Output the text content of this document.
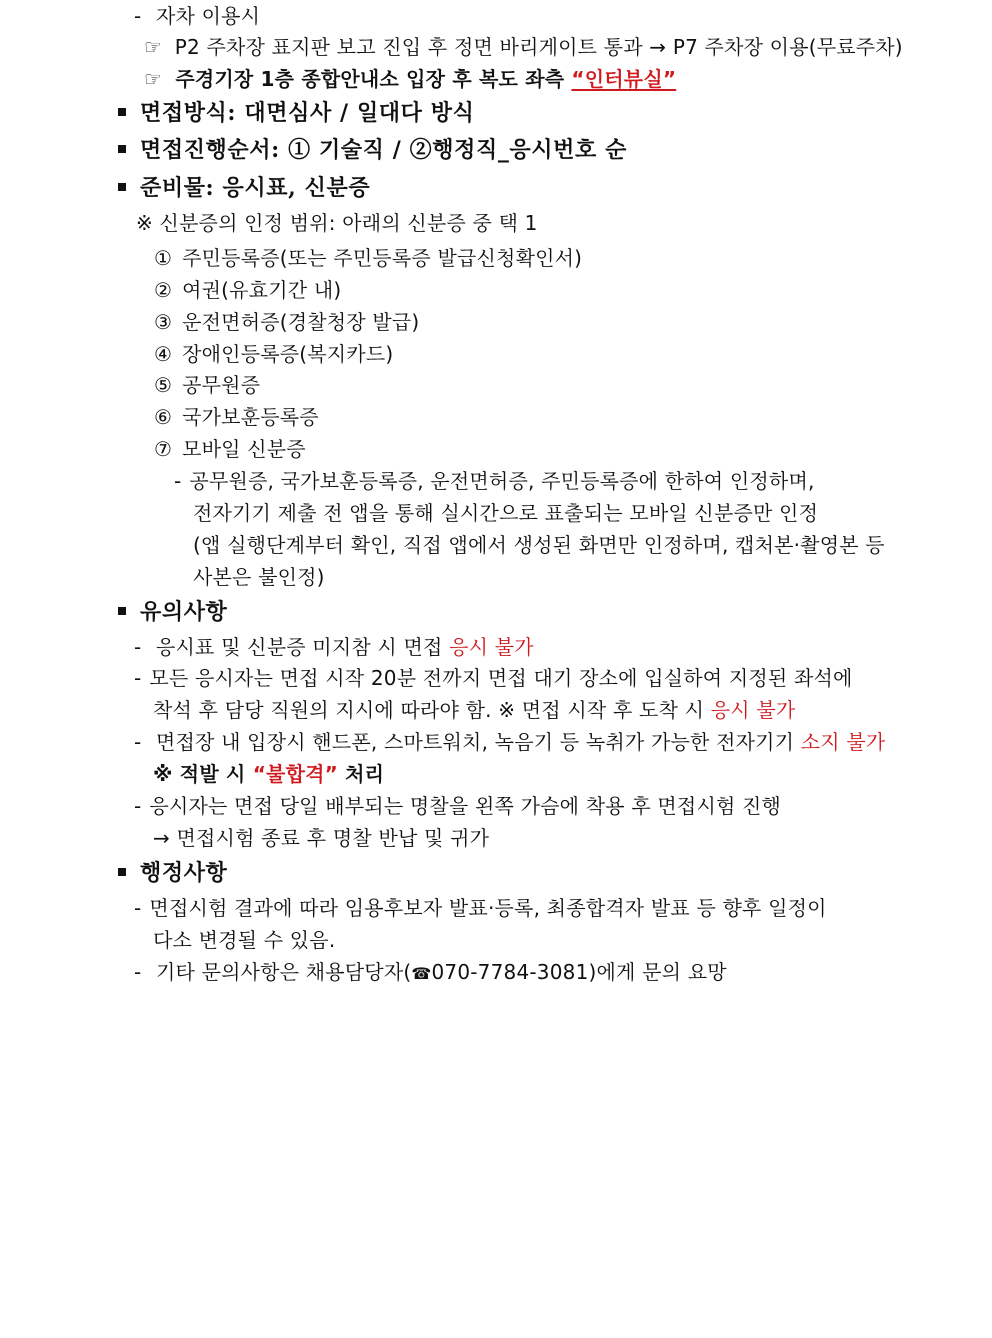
- 자차 이용시
☞ P2 주차장 표지판 보고 진입 후 정면 바리게이트 통과 → P7 주차장 이용(무료주차)
☞ 주경기장 1층 종합안내소 입장 후 복도 좌측 “인터뷰실”
면접방식: 대면심사 / 일대다 방식
면접진행순서: ① 기술직 / ②행정직_응시번호 순
준비물: 응시표, 신분증
※ 신분증의 인정 범위: 아래의 신분증 중 택 1
① 주민등록증(또는 주민등록증 발급신청확인서)
② 여권(유효기간 내)
③ 운전면허증(경찰청장 발급)
④ 장애인등록증(복지카드)
⑤ 공무원증
⑥ 국가보훈등록증
⑦ 모바일 신분증
- 공무원증, 국가보훈등록증, 운전면허증, 주민등록증에 한하여 인정하며,
전자기기 제출 전 앱을 통해 실시간으로 표출되는 모바일 신분증만 인정
(앱 실행단계부터 확인, 직접 앱에서 생성된 화면만 인정하며, 캡처본·촬영본 등
사본은 불인정)
유의사항
- 응시표 및 신분증 미지참 시 면접 응시 불가
- 모든 응시자는 면접 시작 20분 전까지 면접 대기 장소에 입실하여 지정된 좌석에
착석 후 담당 직원의 지시에 따라야 함. ※ 면접 시작 후 도착 시 응시 불가
- 면접장 내 입장시 핸드폰, 스마트워치, 녹음기 등 녹취가 가능한 전자기기 소지 불가
※ 적발 시 “불합격” 처리
- 응시자는 면접 당일 배부되는 명찰을 왼쪽 가슴에 착용 후 면접시험 진행
→ 면접시험 종료 후 명찰 반납 및 귀가
행정사항
- 면접시험 결과에 따라 임용후보자 발표·등록, 최종합격자 발표 등 향후 일정이
다소 변경될 수 있음.
- 기타 문의사항은 채용담당자(☎070-7784-3081)에게 문의 요망
